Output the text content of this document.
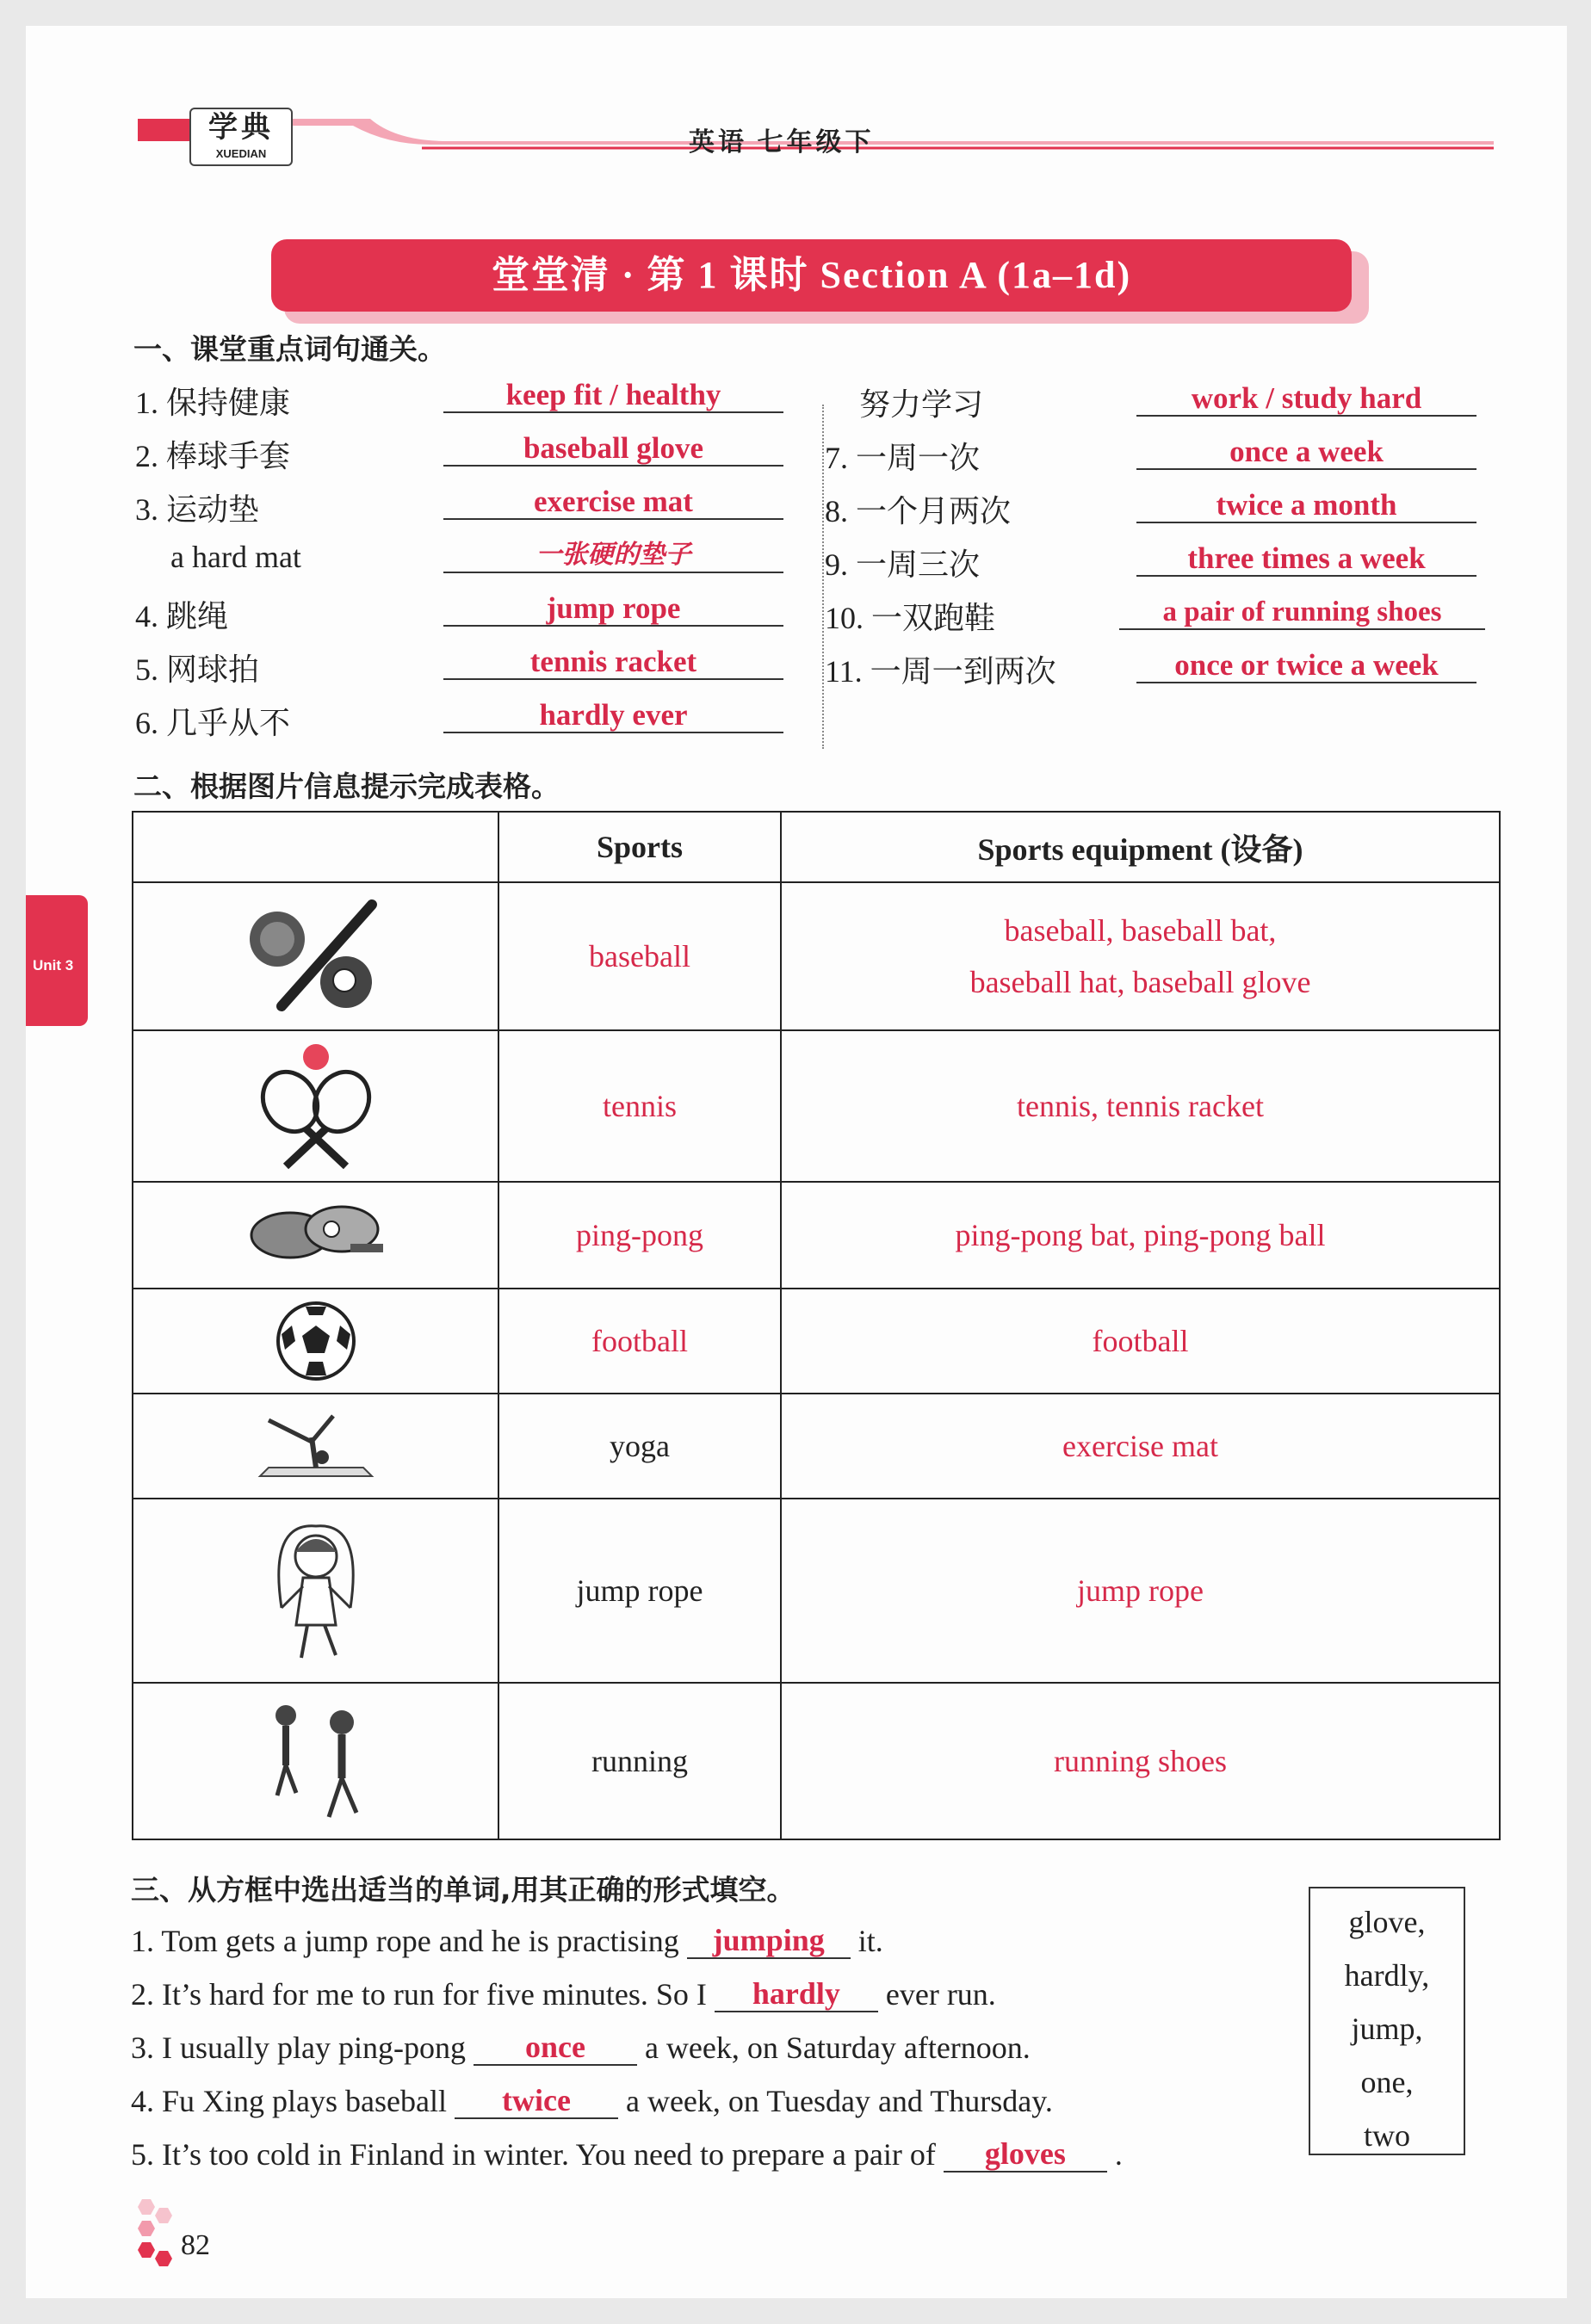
学典
XUEDIAN	英语 七年级下
堂堂清 · 第 1 课时 Section A (1a–1d)
Unit 3
一、课堂重点词句通关。
1. 保持健康	keep fit / healthy
2. 棒球手套	baseball glove
3. 运动垫	exercise mat
a hard mat	一张硬的垫子
4. 跳绳	jump rope
5. 网球拍	tennis racket
6. 几乎从不	hardly ever
努力学习	work / study hard
7. 一周一次	once a week
8. 一个月两次	twice a month
9. 一周三次	three times a week
10. 一双跑鞋	a pair of running shoes
11. 一周一到两次	once or twice a week
二、根据图片信息提示完成表格。
	Sports	Sports equipment (设备)

	baseball	baseball, baseball bat,
baseball hat, baseball glove

	tennis	tennis, tennis racket

	ping-pong	ping-pong bat, ping-pong ball

	football	football

	yoga	exercise mat

	jump rope	jump rope

	running	running shoes
三、从方框中选出适当的单词,用其正确的形式填空。
1. Tom gets a jump rope and he is practising jumping it.
2. It’s hard for me to run for five minutes. So I hardly ever run.
3. I usually play ping-pong once a week, on Saturday afternoon.
4. Fu Xing plays baseball twice a week, on Tuesday and Thursday.
5. It’s too cold in Finland in winter. You need to prepare a pair of gloves .
glove,
hardly,
jump,
one,
two
82
